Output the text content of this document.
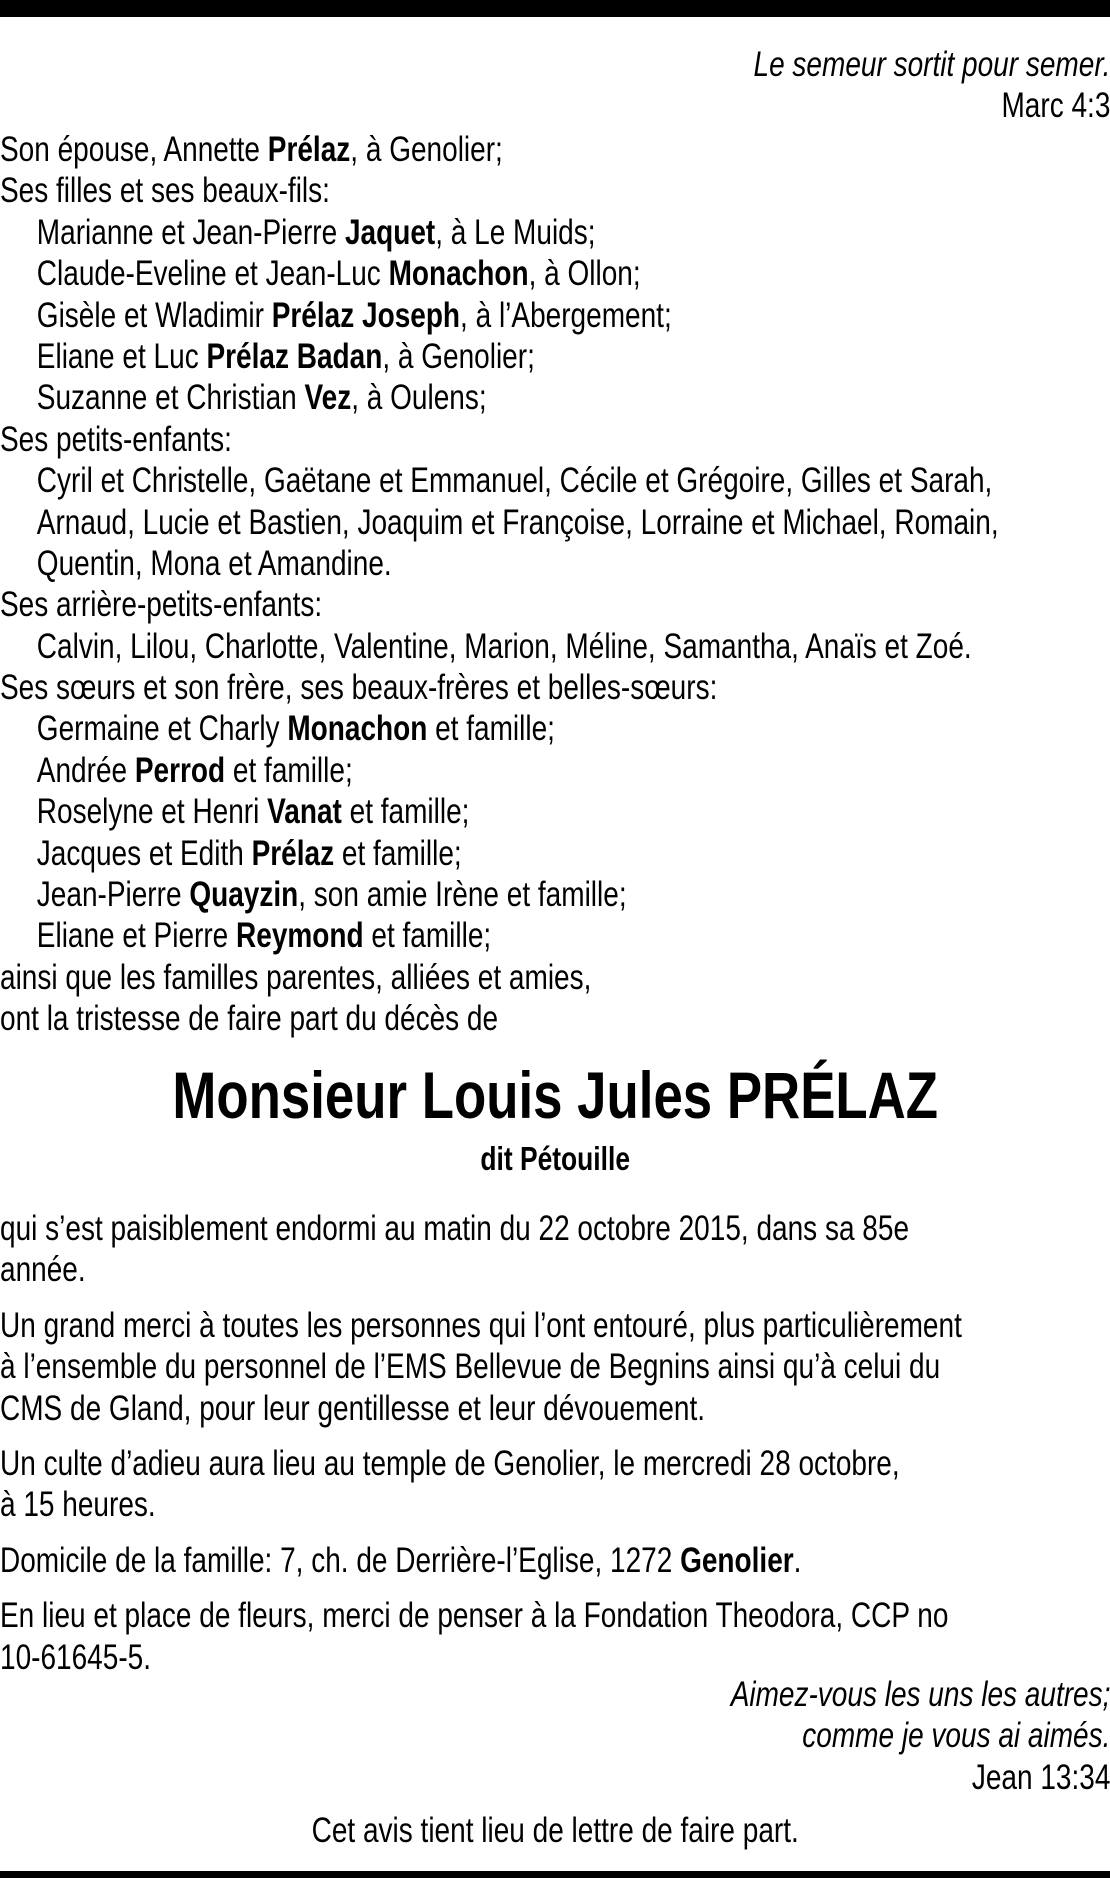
Le semeur sortit pour semer.
Marc 4:3
Son épouse, Annette Prélaz, à Genolier;
Ses filles et ses beaux-fils:
Marianne et Jean-Pierre Jaquet, à Le Muids;
Claude-Eveline et Jean-Luc Monachon, à Ollon;
Gisèle et Wladimir Prélaz Joseph, à l’Abergement;
Eliane et Luc Prélaz Badan, à Genolier;
Suzanne et Christian Vez, à Oulens;
Ses petits-enfants:
Cyril et Christelle, Gaëtane et Emmanuel, Cécile et Grégoire, Gilles et Sarah,
Arnaud, Lucie et Bastien, Joaquim et Françoise, Lorraine et Michael, Romain,
Quentin, Mona et Amandine.
Ses arrière-petits-enfants:
Calvin, Lilou, Charlotte, Valentine, Marion, Méline, Samantha, Anaïs et Zoé.
Ses sœurs et son frère, ses beaux-frères et belles-sœurs:
Germaine et Charly Monachon et famille;
Andrée Perrod et famille;
Roselyne et Henri Vanat et famille;
Jacques et Edith Prélaz et famille;
Jean-Pierre Quayzin, son amie Irène et famille;
Eliane et Pierre Reymond et famille;
ainsi que les familles parentes, alliées et amies,
ont la tristesse de faire part du décès de
Monsieur Louis Jules PRÉLAZ
dit Pétouille
qui s’est paisiblement endormi au matin du 22 octobre 2015, dans sa 85e
année.
Un grand merci à toutes les personnes qui l’ont entouré, plus particulièrement
à l’ensemble du personnel de l’EMS Bellevue de Begnins ainsi qu’à celui du
CMS de Gland, pour leur gentillesse et leur dévouement.
Un culte d’adieu aura lieu au temple de Genolier, le mercredi 28 octobre,
à 15 heures.
Domicile de la famille: 7, ch. de Derrière-l’Eglise, 1272 Genolier.
En lieu et place de fleurs, merci de penser à la Fondation Theodora, CCP no
10-61645-5.
Aimez-vous les uns les autres;
comme je vous ai aimés.
Jean 13:34
Cet avis tient lieu de lettre de faire part.
